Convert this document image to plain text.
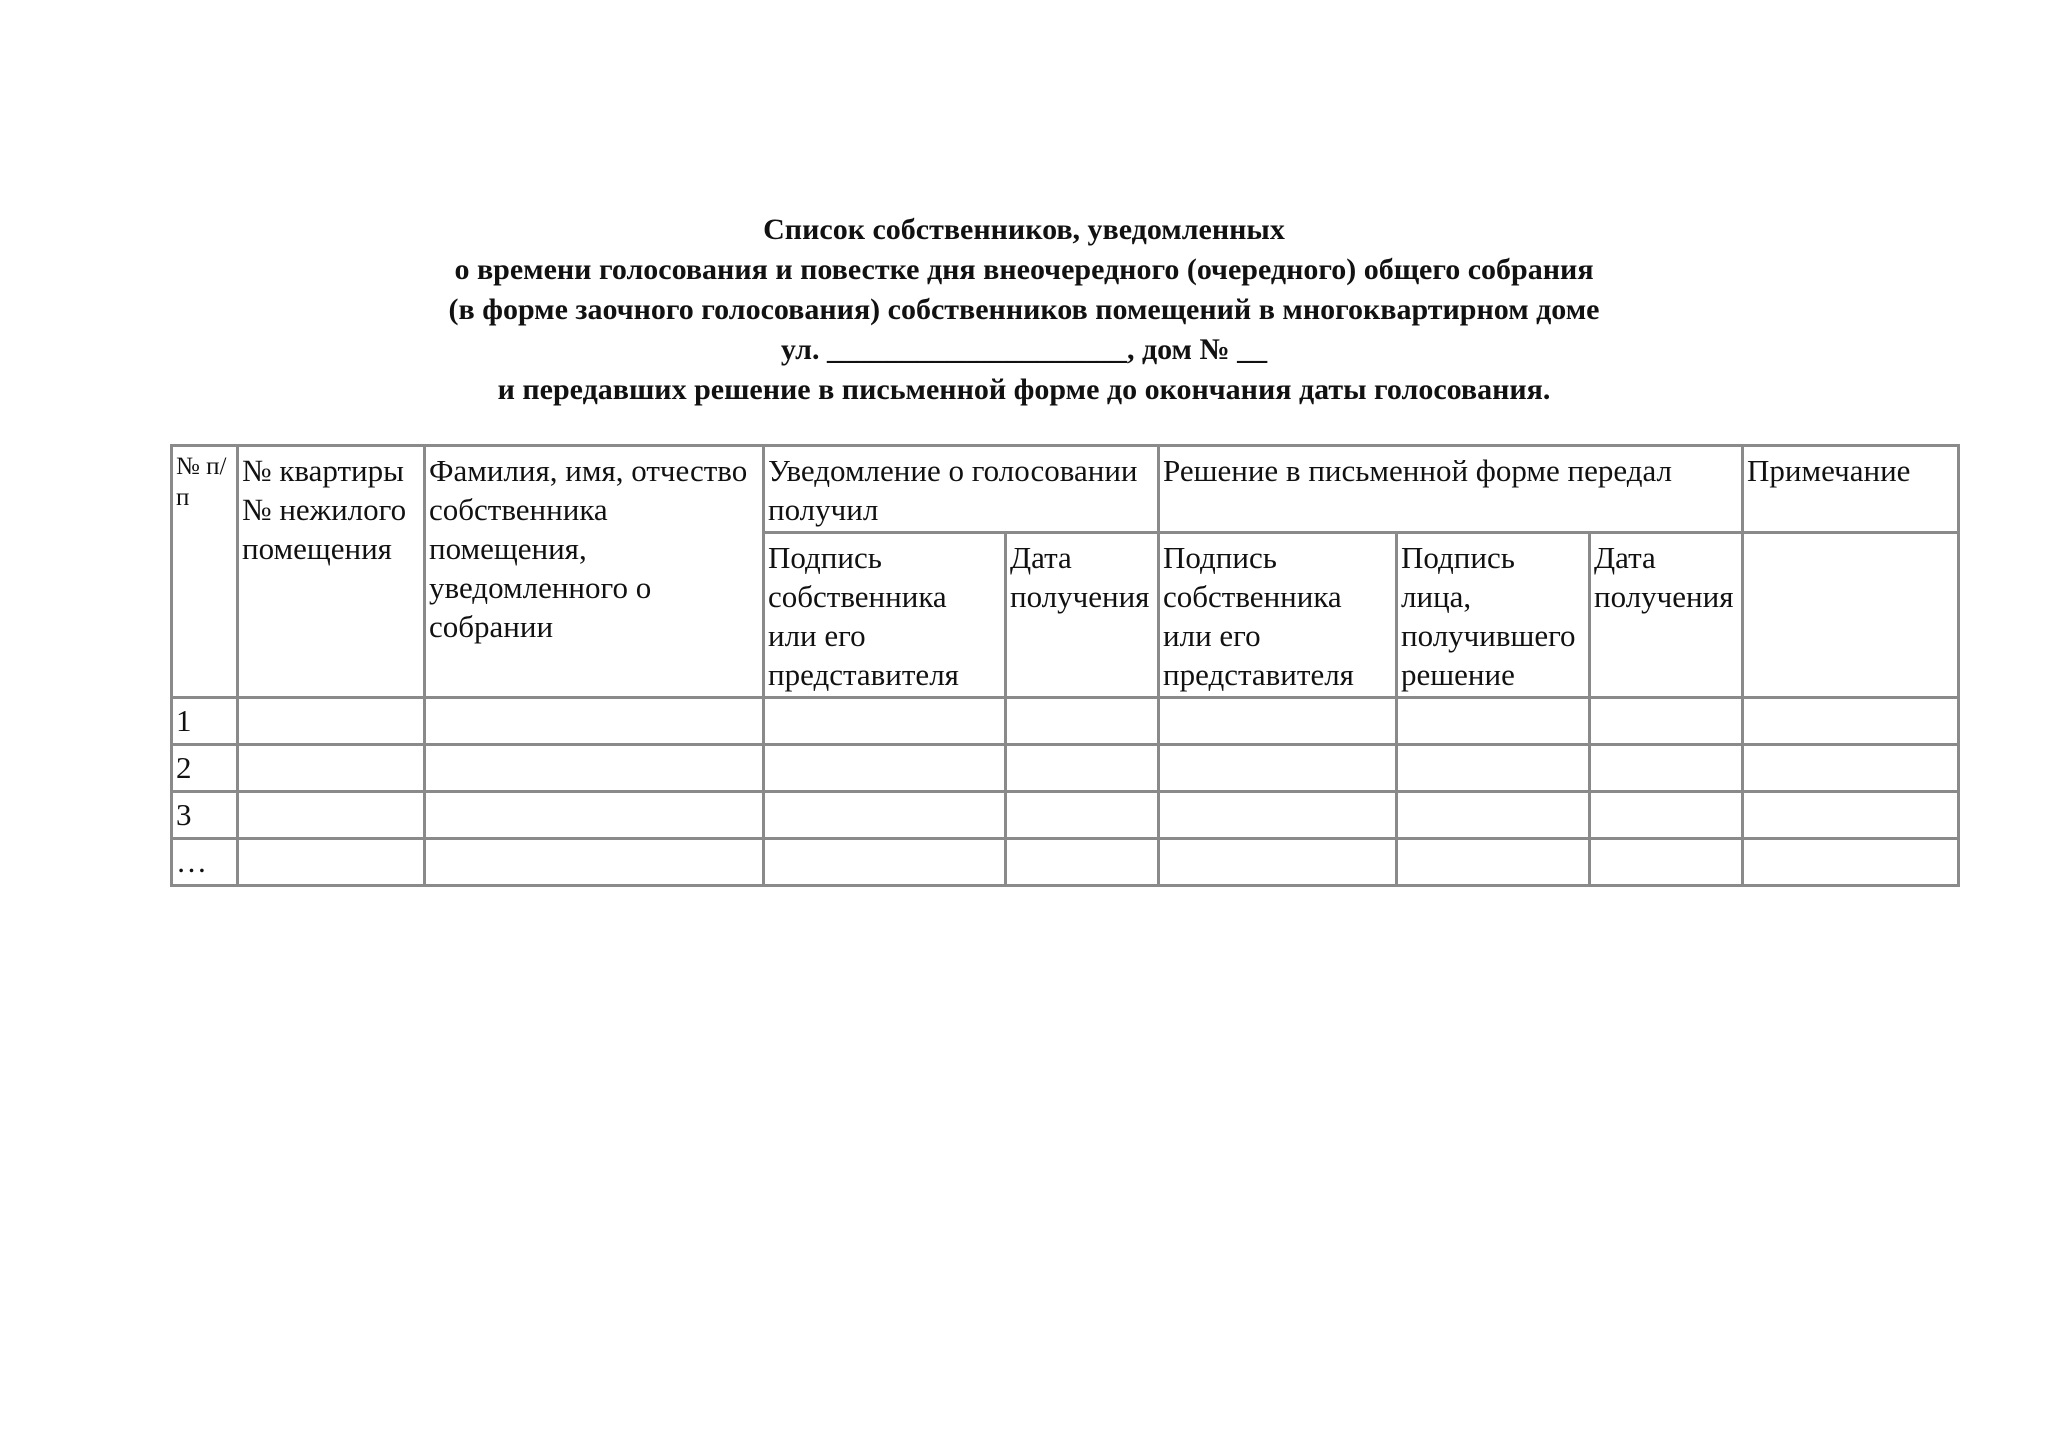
Список собственников, уведомленных
о времени голосования и повестке дня внеочередного (очередного) общего собрания
(в форме заочного голосования) собственников помещений в многоквартирном доме
ул. ____________________, дом № __
и передавших решение в письменной форме до окончания даты голосования.
№ п/п	№ квартиры № нежилого помещения	Фамилия, имя, отчество собственника помещения, уведомленного о собрании	Уведомление о голосовании получил		Решение в письменной форме передал			Примечание
			Подпись собственника или его представителя	Дата получения	Подпись собственника или его представителя	Подпись лица, получившего решение	Дата получения	
1								
2								
3								
…								
